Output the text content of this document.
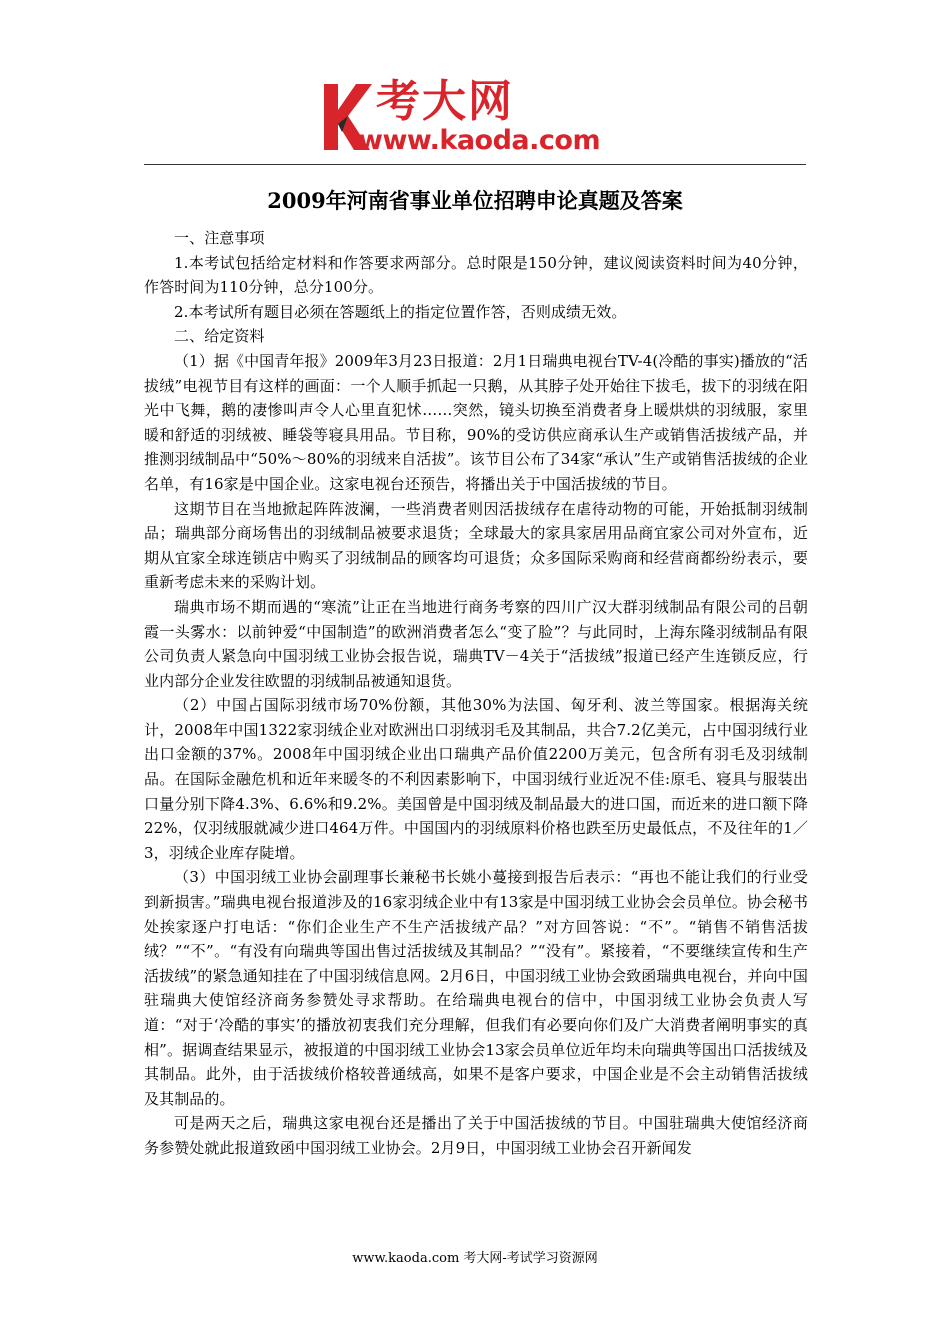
考大网
www.kaoda.com
2009年河南省事业单位招聘申论真题及答案

一、注意事项

1.本考试包括给定材料和作答要求两部分。总时限是150分钟，建议阅读资料时间为40分钟，作答时间为110分钟，总分100分。

2.本考试所有题目必须在答题纸上的指定位置作答，否则成绩无效。

二、给定资料

（1）据《中国青年报》2009年3月23日报道：2月1日瑞典电视台TV-4(冷酷的事实)播放的“活拔绒”电视节目有这样的画面：一个人顺手抓起一只鹅，从其脖子处开始往下拔毛，拔下的羽绒在阳光中飞舞，鹅的凄惨叫声令人心里直犯怵……突然，镜头切换至消费者身上暖烘烘的羽绒服，家里暖和舒适的羽绒被、睡袋等寝具用品。节目称，90%的受访供应商承认生产或销售活拔绒产品，并推测羽绒制品中“50%～80%的羽绒来自活拔”。该节目公布了34家“承认”生产或销售活拔绒的企业名单，有16家是中国企业。这家电视台还预告，将播出关于中国活拔绒的节目。

这期节目在当地掀起阵阵波澜，一些消费者则因活拔绒存在虐待动物的可能，开始抵制羽绒制品；瑞典部分商场售出的羽绒制品被要求退货；全球最大的家具家居用品商宜家公司对外宣布，近期从宜家全球连锁店中购买了羽绒制品的顾客均可退货；众多国际采购商和经营商都纷纷表示，要重新考虑未来的采购计划。

瑞典市场不期而遇的“寒流”让正在当地进行商务考察的四川广汉大群羽绒制品有限公司的吕朝霞一头雾水：以前钟爱“中国制造”的欧洲消费者怎么“变了脸”？与此同时，上海东隆羽绒制品有限公司负责人紧急向中国羽绒工业协会报告说，瑞典TV－4关于“活拔绒”报道已经产生连锁反应，行业内部分企业发往欧盟的羽绒制品被通知退货。

（2）中国占国际羽绒市场70%份额，其他30%为法国、匈牙利、波兰等国家。根据海关统计，2008年中国1322家羽绒企业对欧洲出口羽绒羽毛及其制品，共合7.2亿美元，占中国羽绒行业出口金额的37%。2008年中国羽绒企业出口瑞典产品价值2200万美元，包含所有羽毛及羽绒制品。在国际金融危机和近年来暖冬的不利因素影响下，中国羽绒行业近况不佳:原毛、寝具与服装出口量分别下降4.3%、6.6%和9.2%。美国曾是中国羽绒及制品最大的进口国，而近来的进口额下降22%，仅羽绒服就减少进口464万件。中国国内的羽绒原料价格也跌至历史最低点，不及往年的1／3，羽绒企业库存陡增。

（3）中国羽绒工业协会副理事长兼秘书长姚小蔓接到报告后表示：“再也不能让我们的行业受到新损害。”瑞典电视台报道涉及的16家羽绒企业中有13家是中国羽绒工业协会会员单位。协会秘书处挨家逐户打电话：“你们企业生产不生产活拔绒产品？”对方回答说：“不”。“销售不销售活拔绒？”“不”。“有没有向瑞典等国出售过活拔绒及其制品？”“没有”。紧接着，“不要继续宣传和生产活拔绒”的紧急通知挂在了中国羽绒信息网。2月6日，中国羽绒工业协会致函瑞典电视台，并向中国驻瑞典大使馆经济商务参赞处寻求帮助。在给瑞典电视台的信中，中国羽绒工业协会负责人写道：“对于‘冷酷的事实’的播放初衷我们充分理解，但我们有必要向你们及广大消费者阐明事实的真相”。据调查结果显示，被报道的中国羽绒工业协会13家会员单位近年均未向瑞典等国出口活拔绒及其制品。此外，由于活拔绒价格较普通绒高，如果不是客户要求，中国企业是不会主动销售活拔绒及其制品的。

可是两天之后，瑞典这家电视台还是播出了关于中国活拔绒的节目。中国驻瑞典大使馆经济商务参赞处就此报道致函中国羽绒工业协会。2月9日，中国羽绒工业协会召开新闻发

www.kaoda.com 考大网-考试学习资源网
